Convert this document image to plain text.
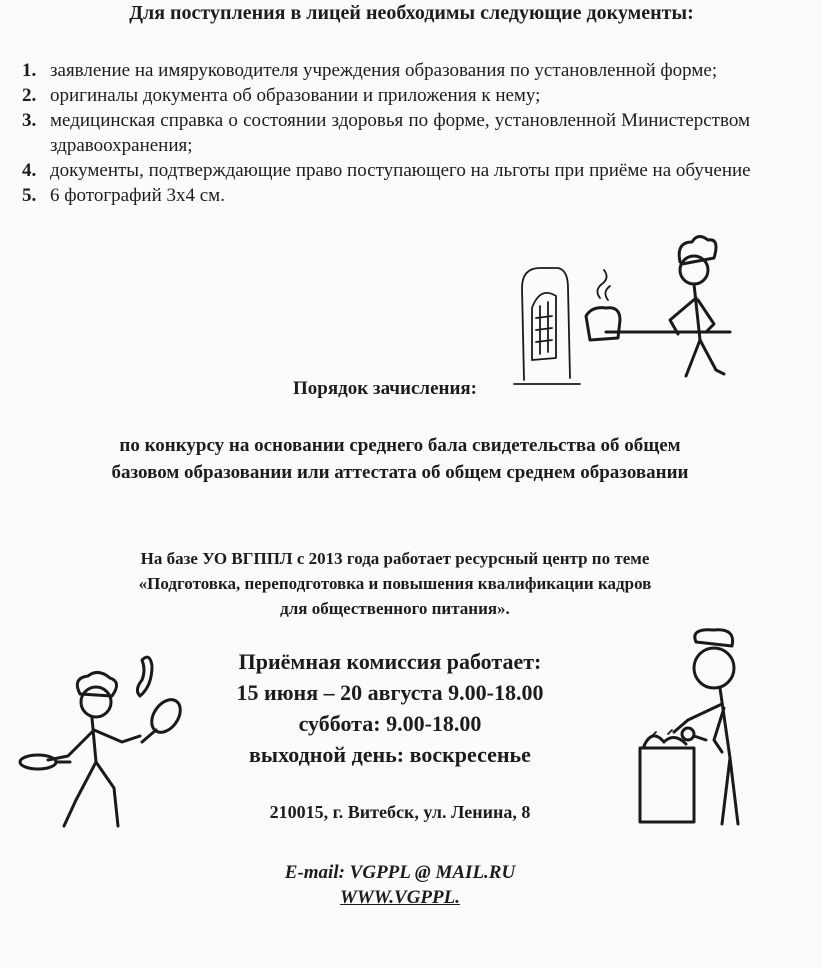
Для поступления в лицей необходимы следующие документы:
1. заявление на имяруководителя учреждения образования по установленной форме;
2. оригиналы документа об образовании и приложения к нему;
3. медицинская справка о состоянии здоровья по форме, установленной Министерством здравоохранения;
4. документы, подтверждающие право поступающего на льготы при приёме на обучение
5. 6 фотографий 3х4 см.
Порядок зачисления:
по конкурсу на основании среднего бала свидетельства об общем
базовом образовании или аттестата об общем среднем образовании
На базе УО ВГППЛ с 2013 года работает ресурсный центр по теме
«Подготовка, переподготовка и повышения квалификации кадров
для общественного питания».
Приёмная комиссия работает:
15 июня – 20 августа 9.00-18.00
суббота: 9.00-18.00
выходной день: воскресенье
210015, г. Витебск, ул. Ленина, 8
E-mail: VGPPL @ MAIL.RU
WWW.VGPPL.
